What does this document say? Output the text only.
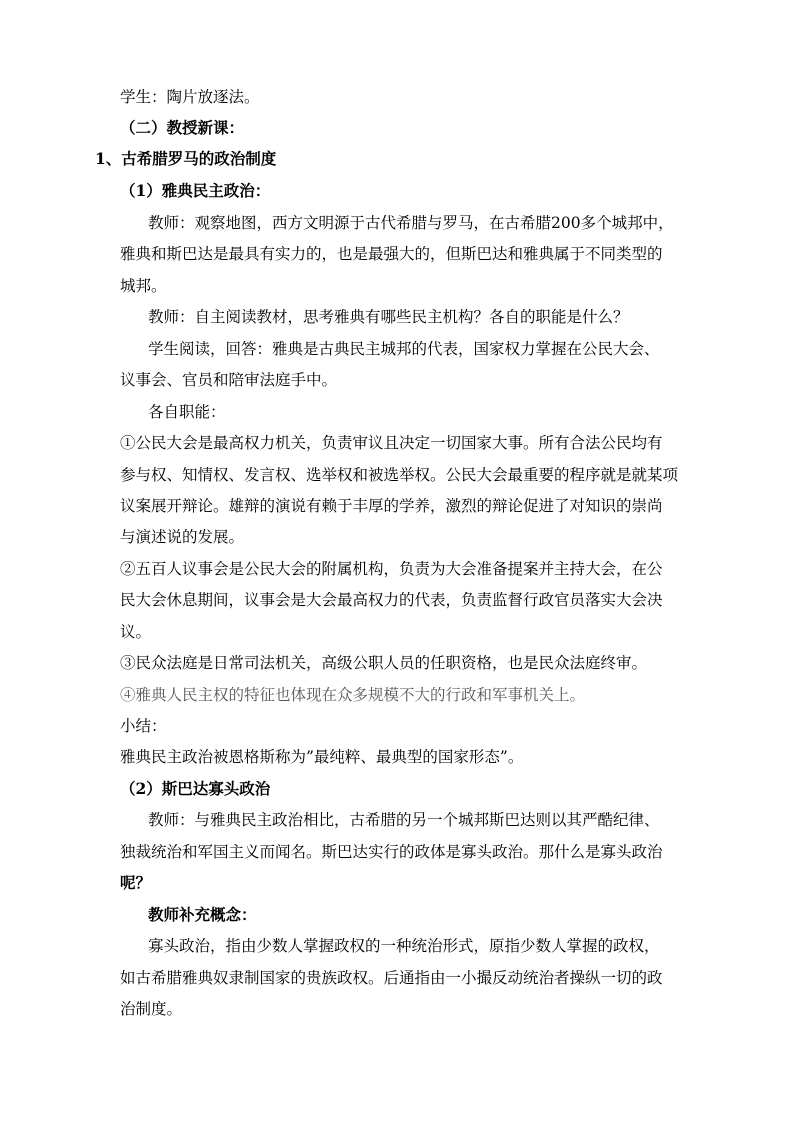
学生：陶片放逐法。
（二）教授新课：
1、古希腊罗马的政治制度
（1）雅典民主政治：
教师：观察地图，西方文明源于古代希腊与罗马，在古希腊200多个城邦中，
雅典和斯巴达是最具有实力的，也是最强大的，但斯巴达和雅典属于不同类型的
城邦。
教师：自主阅读教材，思考雅典有哪些民主机构？各自的职能是什么？
学生阅读，回答：雅典是古典民主城邦的代表，国家权力掌握在公民大会、
议事会、官员和陪审法庭手中。
各自职能：
①公民大会是最高权力机关，负责审议且决定一切国家大事。所有合法公民均有
参与权、知情权、发言权、选举权和被选举权。公民大会最重要的程序就是就某项
议案展开辩论。雄辩的演说有赖于丰厚的学养，激烈的辩论促进了对知识的崇尚
与演述说的发展。
②五百人议事会是公民大会的附属机构，负责为大会准备提案并主持大会，在公
民大会休息期间，议事会是大会最高权力的代表，负责监督行政官员落实大会决
议。
③民众法庭是日常司法机关，高级公职人员的任职资格，也是民众法庭终审。
④雅典人民主权的特征也体现在众多规模不大的行政和军事机关上。
小结：
雅典民主政治被恩格斯称为”最纯粹、最典型的国家形态”。
（2）斯巴达寡头政治
教师：与雅典民主政治相比，古希腊的另一个城邦斯巴达则以其严酷纪律、
独裁统治和军国主义而闻名。斯巴达实行的政体是寡头政治。那什么是寡头政治
呢？
教师补充概念：
寡头政治，指由少数人掌握政权的一种统治形式，原指少数人掌握的政权，
如古希腊雅典奴隶制国家的贵族政权。后通指由一小撮反动统治者操纵一切的政
治制度。
